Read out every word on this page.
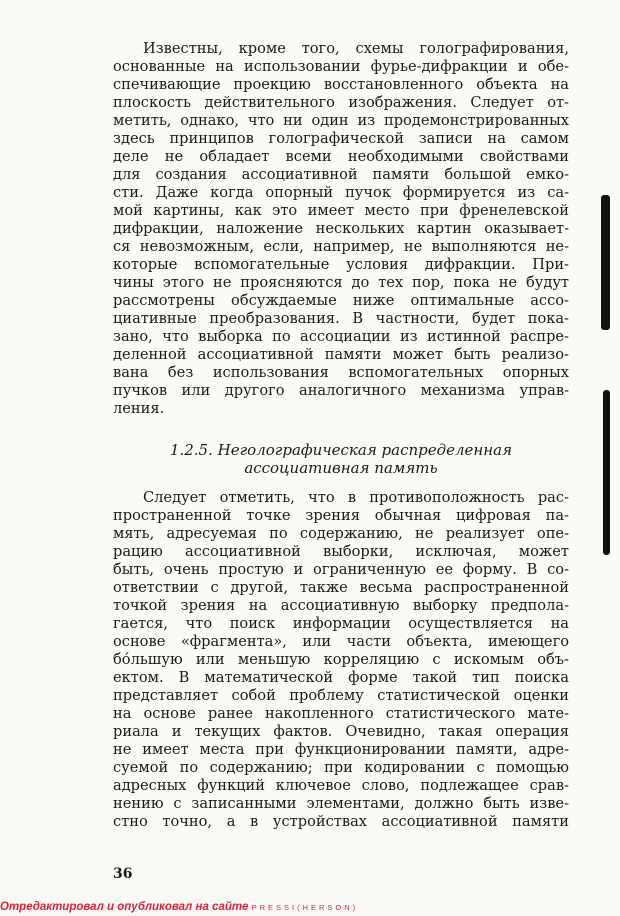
Известны, кроме того, схемы голографирования,
основанные на использовании фурье-дифракции и обе-
спечивающие проекцию восстановленного объекта на
плоскость действительного изображения. Следует от-
метить, однако, что ни один из продемонстрированных
здесь принципов голографической записи на самом
деле не обладает всеми необходимыми свойствами
для создания ассоциативной памяти большой емко-
сти. Даже когда опорный пучок формируется из са-
мой картины, как это имеет место при френелевской
дифракции, наложение нескольких картин оказывает-
ся невозможным, если, например, не выполняются не-
которые вспомогательные условия дифракции. При-
чины этого не проясняются до тех пор, пока не будут
рассмотрены обсуждаемые ниже оптимальные ассо-
циативные преобразования. В частности, будет пока-
зано, что выборка по ассоциации из истинной распре-
деленной ассоциативной памяти может быть реализо-
вана без использования вспомогательных опорных
пучков или другого аналогичного механизма управ-
ления.
1.2.5. Неголографическая распределенная
ассоциативная память
Следует отметить, что в противоположность рас-
пространенной точке зрения обычная цифровая па-
мять, адресуемая по содержанию, не реализует опе-
рацию ассоциативной выборки, исключая, может
быть, очень простую и ограниченную ее форму. В со-
ответствии с другой, также весьма распространенной
точкой зрения на ассоциативную выборку предпола-
гается, что поиск информации осуществляется на
основе «фрагмента», или части объекта, имеющего
бо́льшую или меньшую корреляцию с искомым объ-
ектом. В математической форме такой тип поиска
представляет собой проблему статистической оценки
на основе ранее накопленного статистического мате-
риала и текущих фактов. Очевидно, такая операция
не имеет места при функционировании памяти, адре-
суемой по содержанию; при кодировании с помощью
адресных функций ключевое слово, подлежащее срав-
нению с записанными элементами, должно быть изве-
стно точно, а в устройствах ассоциативной памяти
36
Отредактировал и опубликовал на сайте PRESSI(HERSON)
